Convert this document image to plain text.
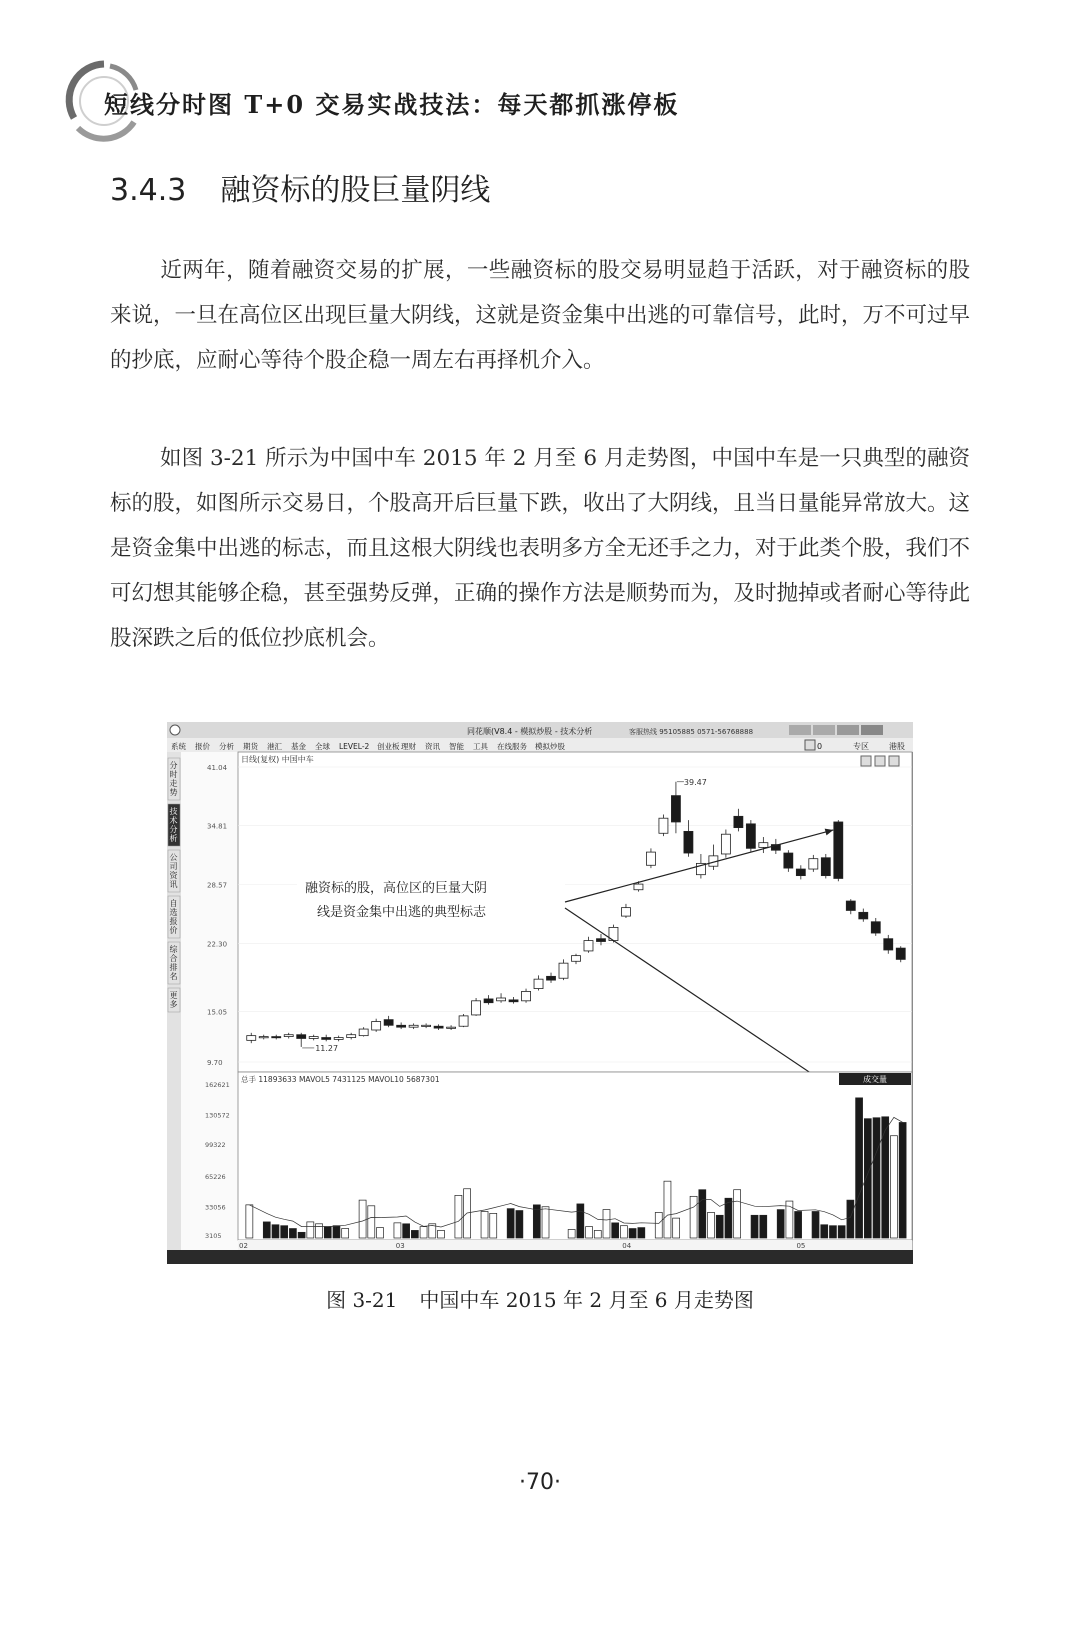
短线分时图 T+0 交易实战技法：每天都抓涨停板
3.4.3 融资标的股巨量阴线
近两年，随着融资交易的扩展，一些融资标的股交易明显趋于活跃，对于融资标的股来说，一旦在高位区出现巨量大阴线，这就是资金集中出逃的可靠信号，此时，万不可过早的抄底，应耐心等待个股企稳一周左右再择机介入。
如图 3-21 所示为中国中车 2015 年 2 月至 6 月走势图，中国中车是一只典型的融资标的股，如图所示交易日，个股高开后巨量下跌，收出了大阴线，且当日量能异常放大。这是资金集中出逃的标志，而且这根大阴线也表明多方全无还手之力，对于此类个股，我们不可幻想其能够企稳，甚至强势反弹，正确的操作方法是顺势而为，及时抛掉或者耐心等待此股深跌之后的低位抄底机会。
同花顺(V8.4 - 模拟炒股 - 技术分析	客服热线 95105885 0571-56768888
系统 报价 分析 期货 港汇 基金 全球 LEVEL-2 创业板 理财 资讯 智能 工具 在线服务 模拟炒股	0	专区	港股
分
时
走
势
技
术
分
析
公
司
资
讯
自
选
报
价
综
合
排
名
更
多
日线(复权) 中国中车
41.04
34.81
28.57
22.30
15.05
9.70
39.47
11.27
融资标的股，高位区的巨量大阴
线是资金集中出逃的典型标志
总手 11893633 MAVOL5 7431125 MAVOL10 5687301	成交量
162621
130572
99322
65226
33056
3105
02	03	04	05
图 3-21 中国中车 2015 年 2 月至 6 月走势图
·70·
